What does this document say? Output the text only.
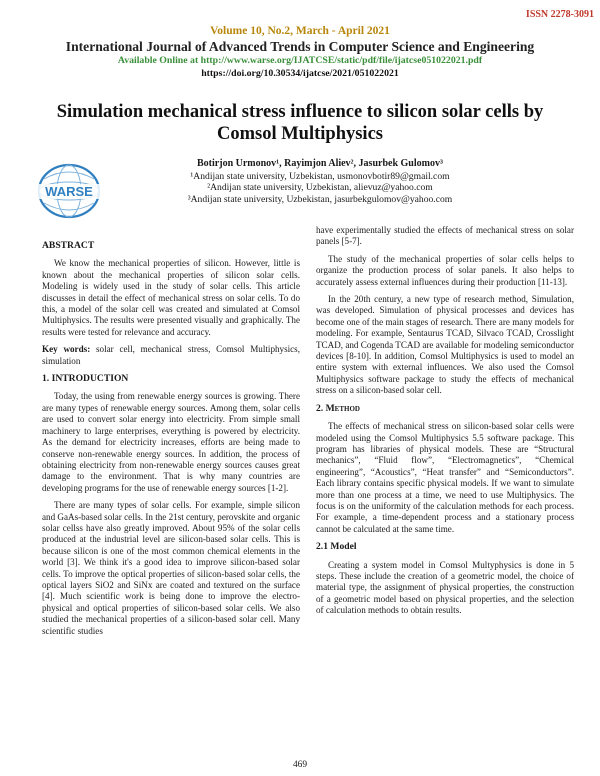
ISSN 2278-3091
Volume 10, No.2, March - April 2021
International Journal of Advanced Trends in Computer Science and Engineering
Available Online at http://www.warse.org/IJATCSE/static/pdf/file/ijatcse051022021.pdf
https://doi.org/10.30534/ijatcse/2021/051022021
Simulation mechanical stress influence to silicon solar cells by Comsol Multiphysics
WARSE
Botirjon Urmonov¹, Rayimjon Aliev², Jasurbek Gulomov³
¹Andijan state university, Uzbekistan, usmonovbotir89@gmail.com
²Andijan state university, Uzbekistan, alievuz@yahoo.com
³Andijan state university, Uzbekistan, jasurbekgulomov@yahoo.com
ABSTRACT

We know the mechanical properties of silicon. However, little is known about the mechanical properties of silicon solar cells. Modeling is widely used in the study of solar cells. This article discusses in detail the effect of mechanical stress on solar cells. To do this, a model of the solar cell was created and simulated at Comsol Multiphysics. The results were presented visually and graphically. The results were tested for relevance and accuracy.

Key words: solar cell, mechanical stress, Comsol Multiphysics, simulation

1. INTRODUCTION

Today, the using from renewable energy sources is growing. There are many types of renewable energy sources. Among them, solar cells are used to convert solar energy into electricity. From simple small machinery to large enterprises, everything is powered by electricity. As the demand for electricity increases, efforts are being made to conserve non-renewable energy sources. In addition, the process of obtaining electricity from non-renewable energy sources causes great damage to the environment. That is why many countries are developing programs for the use of renewable energy sources [1-2].

There are many types of solar cells. For example, simple silicon and GaAs-based solar cells. In the 21st century, perovskite and organic solar cellss have also greatly improved. About 95% of the solar cells produced at the industrial level are silicon-based solar cells. This is because silicon is one of the most common chemical elements in the world [3]. We think it's a good idea to improve silicon-based solar cells. To improve the optical properties of silicon-based solar cells, the optical layers SiO2 and SiNx are coated and textured on the surface [4]. Much scientific work is being done to improve the electro-physical and optical properties of silicon-based solar cells. We also studied the mechanical properties of a silicon-based solar cell. Many scientific studies

have experimentally studied the effects of mechanical stress on solar panels [5-7].

The study of the mechanical properties of solar cells helps to organize the production process of solar panels. It also helps to accurately assess external influences during their production [11-13].

In the 20th century, a new type of research method, Simulation, was developed. Simulation of physical processes and devices has become one of the main stages of research. There are many models for modeling. For example, Sentaurus TCAD, Silvaco TCAD, Crosslight TCAD, and Cogenda TCAD are available for modeling semiconductor devices [8-10]. In addition, Comsol Multiphysics is used to model an entire system with external influences. We also used the Comsol Multiphysics software package to study the effects of mechanical stress on a silicon-based solar cell.

2. Method

The effects of mechanical stress on silicon-based solar cells were modeled using the Comsol Multiphysics 5.5 software package. This program has libraries of physical models. These are “Structural mechanics”, “Fluid flow”, “Electromagnetics”, “Chemical engineering”, “Acoustics”, “Heat transfer” and “Semiconductors”. Each library contains specific physical models. If we want to simulate more than one process at a time, we need to use Multiphysics. The focus is on the uniformity of the calculation methods for each process. For example, a time-dependent process and a stationary process cannot be calculated at the same time.

2.1 Model

Creating a system model in Comsol Multyphysics is done in 5 steps. These include the creation of a geometric model, the choice of material type, the assignment of physical properties, the construction of a geometric model based on physical properties, and the selection of calculation methods to obtain results.

469
